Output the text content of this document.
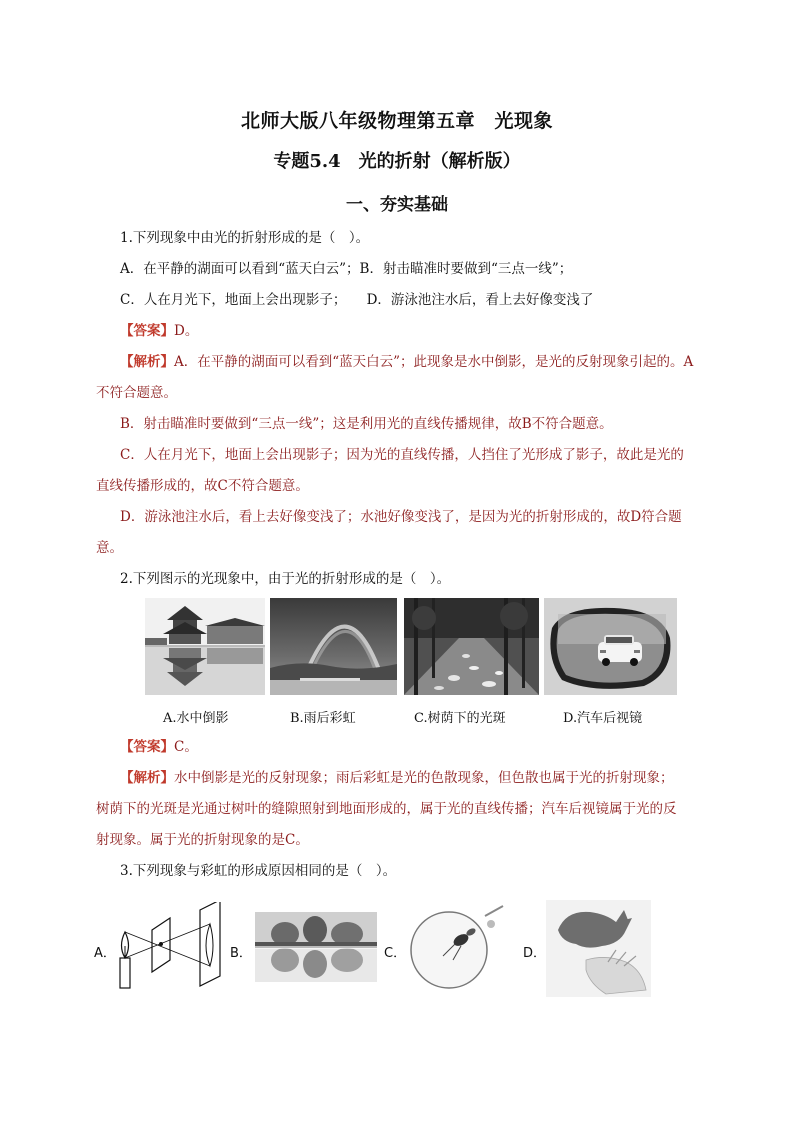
北师大版八年级物理第五章　光现象
专题5.4　光的折射（解析版）
一、夯实基础
1.下列现象中由光的折射形成的是（　）。
A．在平静的湖面可以看到“蓝天白云”；B．射击瞄准时要做到“三点一线”；
C．人在月光下，地面上会出现影子；　　D．游泳池注水后，看上去好像变浅了
【答案】D。
【解析】A．在平静的湖面可以看到“蓝天白云”；此现象是水中倒影，是光的反射现象引起的。A
不符合题意。
B．射击瞄准时要做到“三点一线”；这是利用光的直线传播规律，故B不符合题意。
C．人在月光下，地面上会出现影子；因为光的直线传播，人挡住了光形成了影子，故此是光的
直线传播形成的，故C不符合题意。
D．游泳池注水后，看上去好像变浅了；水池好像变浅了，是因为光的折射形成的，故D符合题
意。
2.下列图示的光现象中，由于光的折射形成的是（　）。
A.水中倒影	B.雨后彩虹	C.树荫下的光斑	D.汽车后视镜
【答案】C。
【解析】水中倒影是光的反射现象；雨后彩虹是光的色散现象，但色散也属于光的折射现象；
树荫下的光斑是光通过树叶的缝隙照射到地面形成的，属于光的直线传播；汽车后视镜属于光的反
射现象。属于光的折射现象的是C。
3.下列现象与彩虹的形成原因相同的是（　）。
A．	B．	C．	D．
